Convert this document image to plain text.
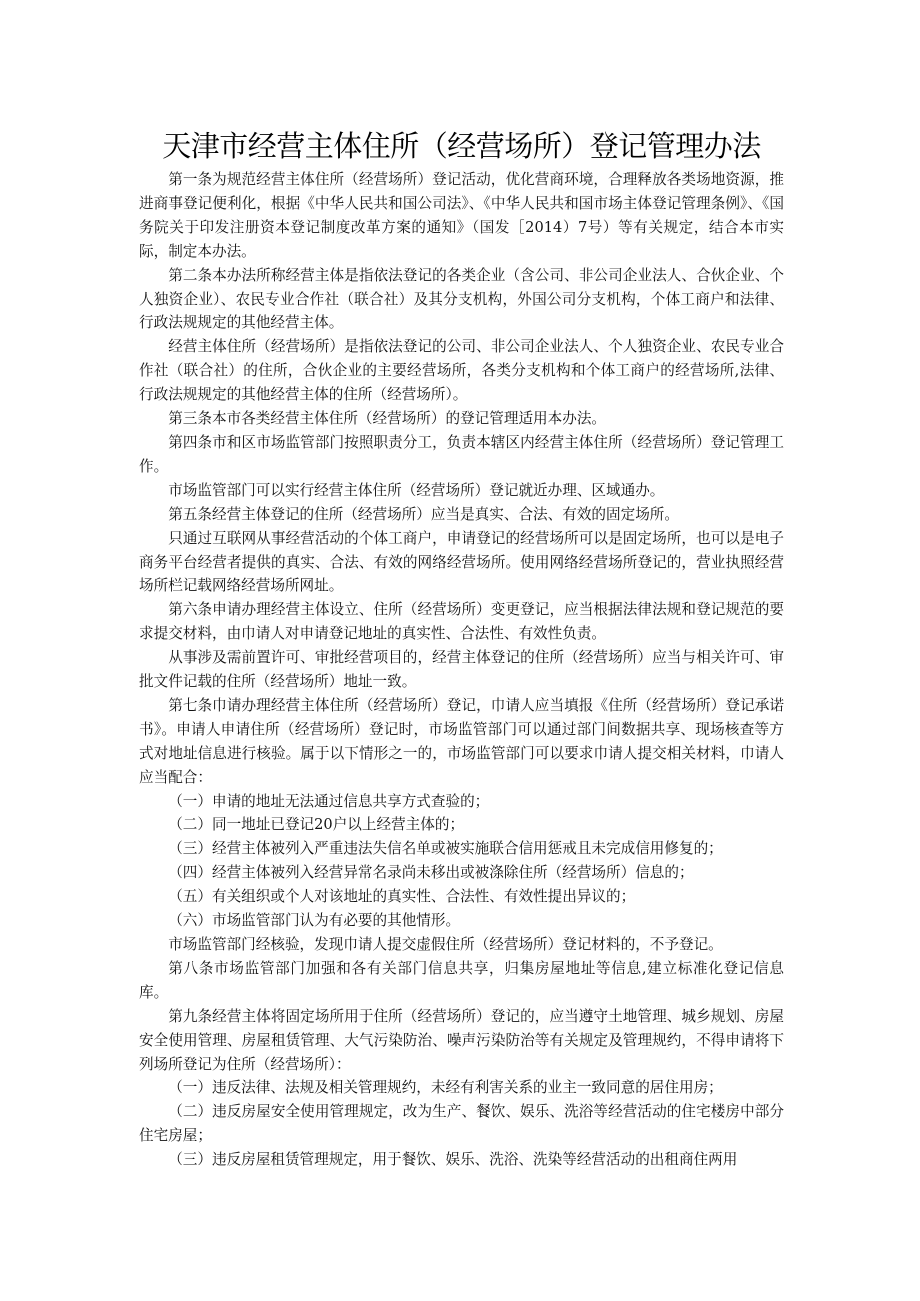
天津市经营主体住所（经营场所）登记管理办法

第一条为规范经营主体住所（经营场所）登记活动，优化营商环境，合理释放各类场地资源，推进商事登记便利化，根据《中华人民共和国公司法》、《中华人民共和国市场主体登记管理条例》、《国务院关于印发注册资本登记制度改革方案的通知》（国发［2014）7号）等有关规定，结合本市实际，制定本办法。

第二条本办法所称经营主体是指依法登记的各类企业（含公司、非公司企业法人、合伙企业、个人独资企业）、农民专业合作社（联合社）及其分支机构，外国公司分支机构，个体工商户和法律、行政法规规定的其他经营主体。

经营主体住所（经营场所）是指依法登记的公司、非公司企业法人、个人独资企业、农民专业合作社（联合社）的住所，合伙企业的主要经营场所，各类分支机构和个体工商户的经营场所,法律、行政法规规定的其他经营主体的住所（经营场所）。

第三条本市各类经营主体住所（经营场所）的登记管理适用本办法。

第四条市和区市场监管部门按照职责分工，负责本辖区内经营主体住所（经营场所）登记管理工作。

市场监管部门可以实行经营主体住所（经营场所）登记就近办理、区域通办。

第五条经营主体登记的住所（经营场所）应当是真实、合法、有效的固定场所。

只通过互联网从事经营活动的个体工商户，申请登记的经营场所可以是固定场所，也可以是电子商务平台经营者提供的真实、合法、有效的网络经营场所。使用网络经营场所登记的，营业执照经营场所栏记载网络经营场所网址。

第六条申请办理经营主体设立、住所（经营场所）变更登记，应当根据法律法规和登记规范的要求提交材料，由巾请人对申请登记地址的真实性、合法性、有效性负责。

从事涉及需前置许可、审批经营项目的，经营主体登记的住所（经营场所）应当与相关许可、审批文件记载的住所（经营场所）地址一致。

第七条巾请办理经营主体住所（经营场所）登记，巾请人应当填报《住所（经营场所）登记承诺书》。申请人申请住所（经营场所）登记时，市场监管部门可以通过部门间数据共享、现场核查等方式对地址信息进行核验。属于以下情形之一的，市场监管部门可以要求巾请人提交相关材料，巾请人应当配合：

（一）申请的地址无法通过信息共享方式查验的；

（二）同一地址已登记20户以上经营主体的；

（三）经营主体被列入严重违法失信名单或被实施联合信用惩戒且未完成信用修复的；

（四）经营主体被列入经营异常名录尚未移出或被涤除住所（经营场所）信息的；

（五）有关组织或个人对该地址的真实性、合法性、有效性提出异议的；

（六）市场监管部门认为有必要的其他情形。

市场监管部门经核验，发现巾请人提交虚假住所（经营场所）登记材料的，不予登记。

第八条市场监管部门加强和各有关部门信息共享，归集房屋地址等信息,建立标准化登记信息库。

第九条经营主体将固定场所用于住所（经营场所）登记的，应当遵守土地管理、城乡规划、房屋安全使用管理、房屋租赁管理、大气污染防治、噪声污染防治等有关规定及管理规约，不得申请将下列场所登记为住所（经营场所）：

（一）违反法律、法规及相关管理规约，未经有利害关系的业主一致同意的居住用房；

（二）违反房屋安全使用管理规定，改为生产、餐饮、娱乐、洗浴等经营活动的住宅楼房中部分住宅房屋；

（三）违反房屋租赁管理规定，用于餐饮、娱乐、洗浴、洗染等经营活动的出租商住两用
